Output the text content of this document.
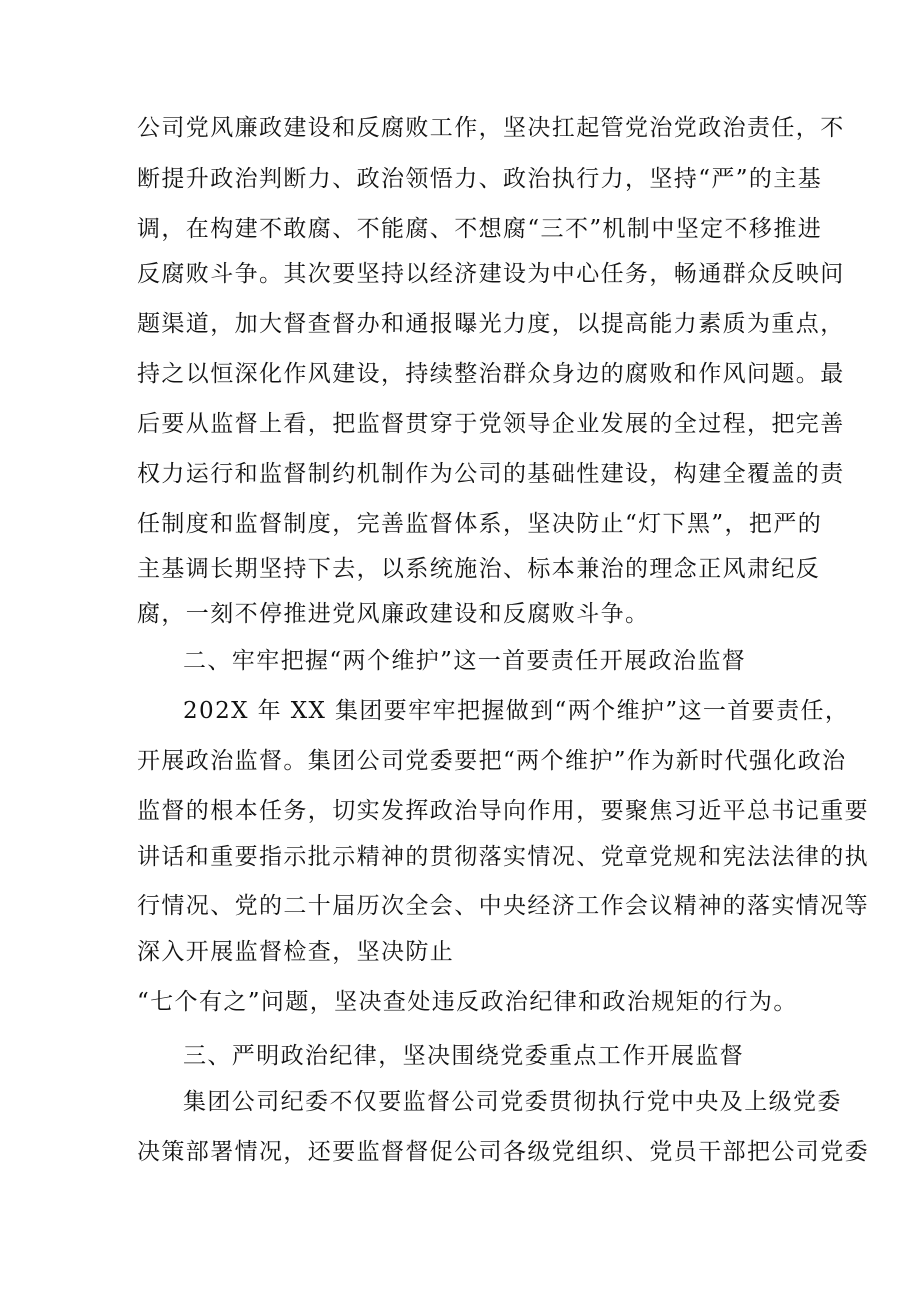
公司党风廉政建设和反腐败工作，坚决扛起管党治党政治责任，不
断提升政治判断力、政治领悟力、政治执行力，坚持“严”的主基
调，在构建不敢腐、不能腐、不想腐“三不”机制中坚定不移推进
反腐败斗争。其次要坚持以经济建设为中心任务，畅通群众反映问
题渠道，加大督查督办和通报曝光力度，以提高能力素质为重点，
持之以恒深化作风建设，持续整治群众身边的腐败和作风问题。最
后要从监督上看，把监督贯穿于党领导企业发展的全过程，把完善
权力运行和监督制约机制作为公司的基础性建设，构建全覆盖的责
任制度和监督制度，完善监督体系，坚决防止“灯下黑”，把严的
主基调长期坚持下去，以系统施治、标本兼治的理念正风肃纪反
腐，一刻不停推进党风廉政建设和反腐败斗争。
二、牢牢把握“两个维护”这一首要责任开展政治监督
202X 年 XX 集团要牢牢把握做到“两个维护”这一首要责任，
开展政治监督。集团公司党委要把“两个维护”作为新时代强化政治
监督的根本任务，切实发挥政治导向作用，要聚焦习近平总书记重要
讲话和重要指示批示精神的贯彻落实情况、党章党规和宪法法律的执
行情况、党的二十届历次全会、中央经济工作会议精神的落实情况等
深入开展监督检查，坚决防止
“七个有之”问题，坚决查处违反政治纪律和政治规矩的行为。
三、严明政治纪律，坚决围绕党委重点工作开展监督
集团公司纪委不仅要监督公司党委贯彻执行党中央及上级党委
决策部署情况，还要监督督促公司各级党组织、党员干部把公司党委
